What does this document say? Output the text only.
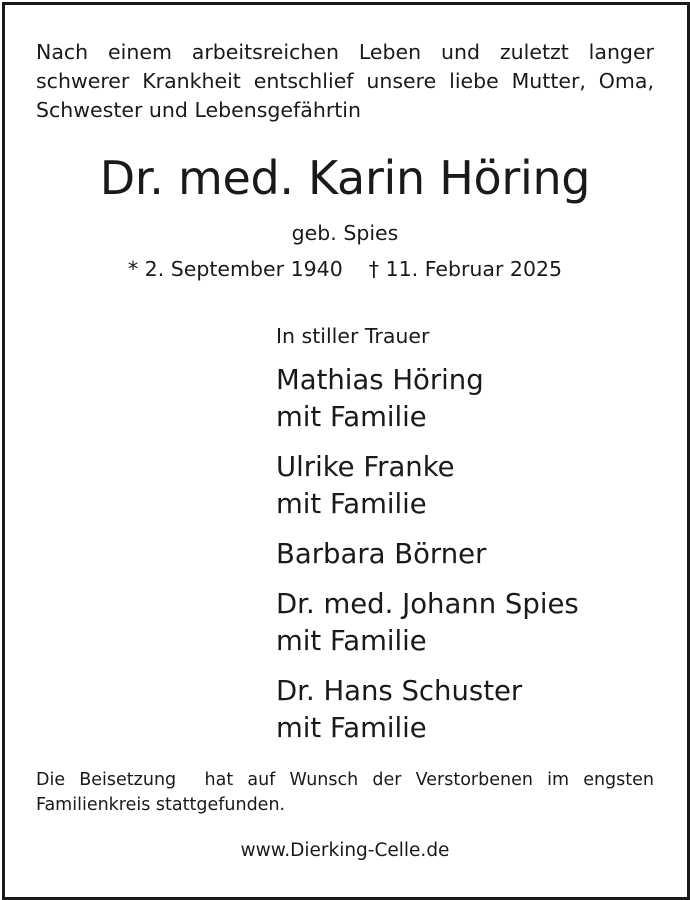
Nach einem arbeitsreichen Leben und zuletzt langer
schwerer Krankheit entschlief unsere liebe Mutter, Oma,
Schwester und Lebensgefährtin
Dr. med. Karin Höring
geb. Spies
* 2. September 1940    † 11. Februar 2025
In stiller Trauer
Mathias Höring
mit Familie
Ulrike Franke
mit Familie
Barbara Börner
Dr. med. Johann Spies
mit Familie
Dr. Hans Schuster
mit Familie
Die Beisetzung  hat auf Wunsch der Verstorbenen im engsten
Familienkreis stattgefunden.
www.Dierking-Celle.de
